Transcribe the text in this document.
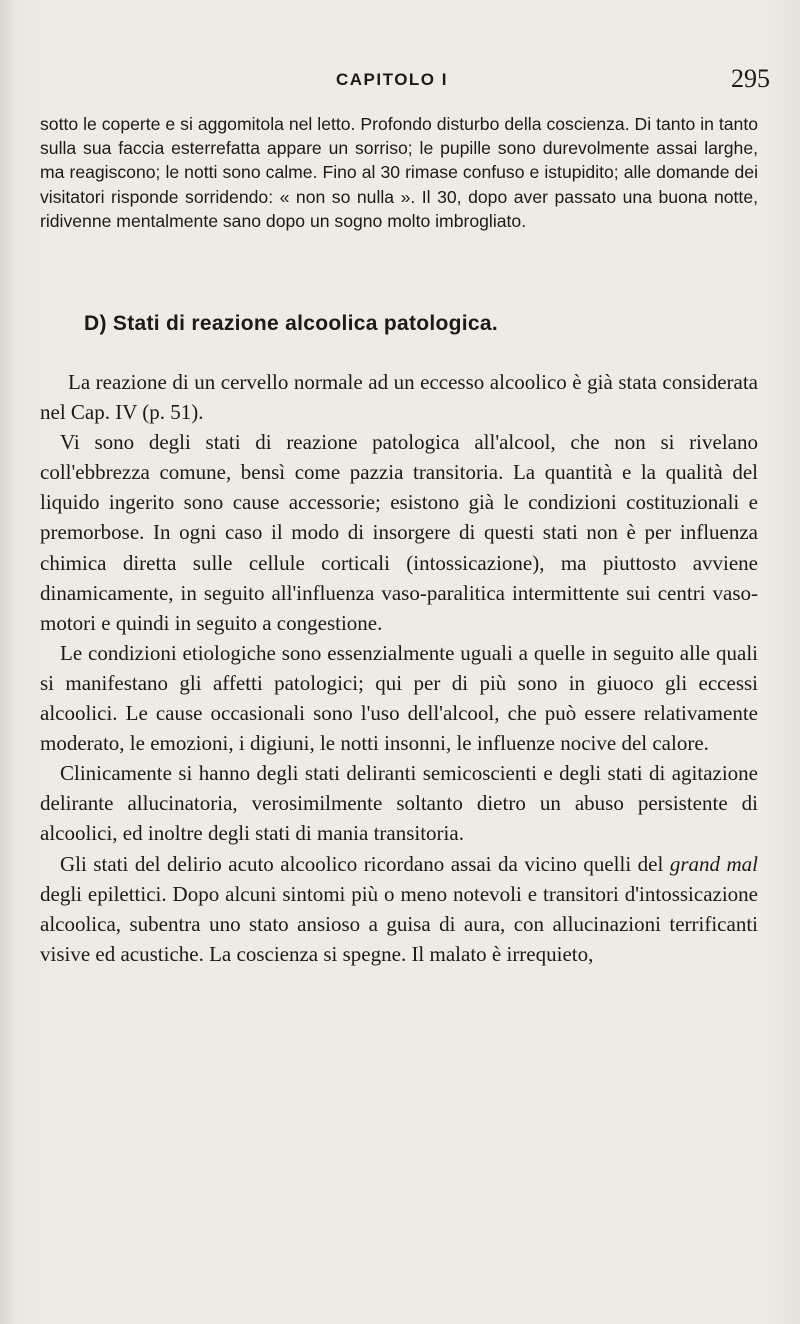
CAPITOLO I	295

sotto le coperte e si aggomitola nel letto. Profondo disturbo della coscienza. Di tanto in tanto sulla sua faccia esterrefatta appare un sorriso; le pupille sono durevolmente assai larghe, ma reagiscono; le notti sono calme. Fino al 30 rimase confuso e istupidito; alle domande dei visitatori risponde sorridendo: « non so nulla ». Il 30, dopo aver passato una buona notte, ridivenne mentalmente sano dopo un sogno molto imbrogliato.

D) Stati di reazione alcoolica patologica.

La reazione di un cervello normale ad un eccesso alcoolico è già stata considerata nel Cap. IV (p. 51).

Vi sono degli stati di reazione patologica all'alcool, che non si rivelano coll'ebbrezza comune, bensì come pazzia transitoria. La quantità e la qualità del liquido ingerito sono cause accessorie; esistono già le condizioni costituzionali e premorbose. In ogni caso il modo di insorgere di questi stati non è per influenza chimica diretta sulle cellule corticali (intossicazione), ma piuttosto avviene dinamicamente, in seguito all'influenza vaso-paralitica intermittente sui centri vaso-motori e quindi in seguito a congestione.

Le condizioni etiologiche sono essenzialmente uguali a quelle in seguito alle quali si manifestano gli affetti patologici; qui per di più sono in giuoco gli eccessi alcoolici. Le cause occasionali sono l'uso dell'alcool, che può essere relativamente moderato, le emozioni, i digiuni, le notti insonni, le influenze nocive del calore.

Clinicamente si hanno degli stati deliranti semicoscienti e degli stati di agitazione delirante allucinatoria, verosimilmente soltanto dietro un abuso persistente di alcoolici, ed inoltre degli stati di mania transitoria.

Gli stati del delirio acuto alcoolico ricordano assai da vicino quelli del grand mal degli epilettici. Dopo alcuni sintomi più o meno notevoli e transitori d'intossicazione alcoolica, subentra uno stato ansioso a guisa di aura, con allucinazioni terrificanti visive ed acustiche. La coscienza si spegne. Il malato è irrequieto,
